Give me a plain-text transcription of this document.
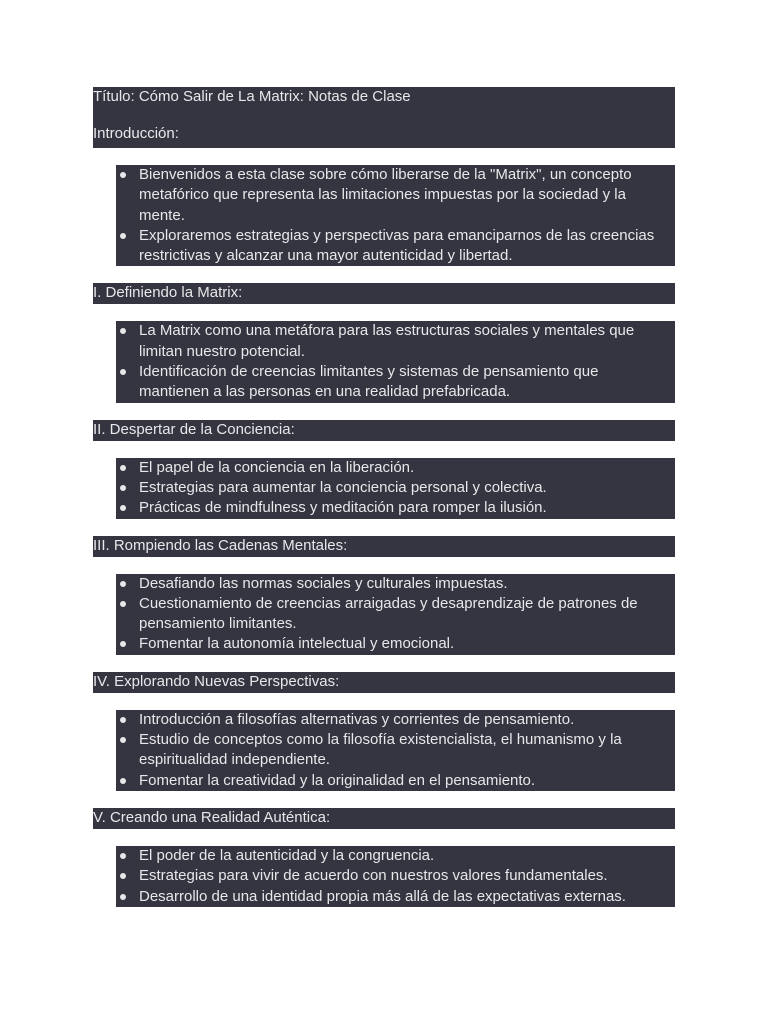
Título: Cómo Salir de La Matrix: Notas de Clase
Introducción:
Bienvenidos a esta clase sobre cómo liberarse de la "Matrix", un concepto metafórico que representa las limitaciones impuestas por la sociedad y la mente.
Exploraremos estrategias y perspectivas para emanciparnos de las creencias restrictivas y alcanzar una mayor autenticidad y libertad.
I. Definiendo la Matrix:
La Matrix como una metáfora para las estructuras sociales y mentales que limitan nuestro potencial.
Identificación de creencias limitantes y sistemas de pensamiento que mantienen a las personas en una realidad prefabricada.
II. Despertar de la Conciencia:
El papel de la conciencia en la liberación.
Estrategias para aumentar la conciencia personal y colectiva.
Prácticas de mindfulness y meditación para romper la ilusión.
III. Rompiendo las Cadenas Mentales:
Desafiando las normas sociales y culturales impuestas.
Cuestionamiento de creencias arraigadas y desaprendizaje de patrones de pensamiento limitantes.
Fomentar la autonomía intelectual y emocional.
IV. Explorando Nuevas Perspectivas:
Introducción a filosofías alternativas y corrientes de pensamiento.
Estudio de conceptos como la filosofía existencialista, el humanismo y la espiritualidad independiente.
Fomentar la creatividad y la originalidad en el pensamiento.
V. Creando una Realidad Auténtica:
El poder de la autenticidad y la congruencia.
Estrategias para vivir de acuerdo con nuestros valores fundamentales.
Desarrollo de una identidad propia más allá de las expectativas externas.
